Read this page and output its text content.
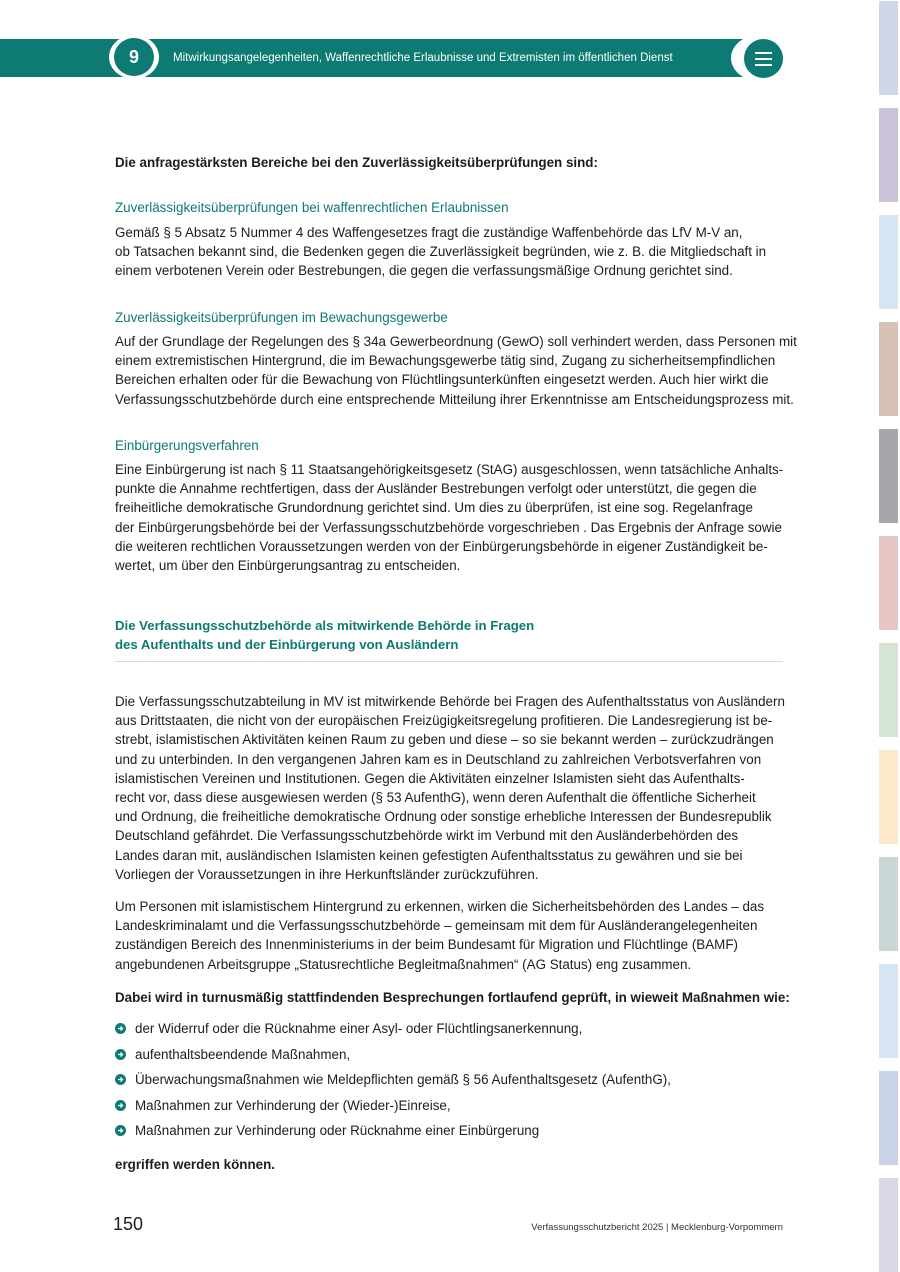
9	Mitwirkungsangelegenheiten, Waffenrechtliche Erlaubnisse und Extremisten im öffentlichen Dienst
Die anfragestärksten Bereiche bei den Zuverlässigkeitsüberprüfungen sind:
Zuverlässigkeitsüberprüfungen bei waffenrechtlichen Erlaubnissen

Gemäß § 5 Absatz 5 Nummer 4 des Waffengesetzes fragt die zuständige Waffenbehörde das LfV M-V an,
ob Tatsachen bekannt sind, die Bedenken gegen die Zuverlässigkeit begründen, wie z. B. die Mitgliedschaft in
einem verbotenen Verein oder Bestrebungen, die gegen die verfassungsmäßige Ordnung gerichtet sind.

Zuverlässigkeitsüberprüfungen im Bewachungsgewerbe

Auf der Grundlage der Regelungen des § 34a Gewerbeordnung (GewO) soll verhindert werden, dass Personen mit
einem extremistischen Hintergrund, die im Bewachungsgewerbe tätig sind, Zugang zu sicherheitsempfindlichen
Bereichen erhalten oder für die Bewachung von Flüchtlingsunterkünften eingesetzt werden. Auch hier wirkt die
Verfassungsschutzbehörde durch eine entsprechende Mitteilung ihrer Erkenntnisse am Entscheidungsprozess mit.

Einbürgerungsverfahren

Eine Einbürgerung ist nach § 11 Staatsangehörigkeitsgesetz (StAG) ausgeschlossen, wenn tatsächliche Anhalts-
punkte die Annahme rechtfertigen, dass der Ausländer Bestrebungen verfolgt oder unterstützt, die gegen die
freiheitliche demokratische Grundordnung gerichtet sind. Um dies zu überprüfen, ist eine sog. Regelanfrage
der Einbürgerungsbehörde bei der Verfassungsschutzbehörde vorgeschrieben . Das Ergebnis der Anfrage sowie
die weiteren rechtlichen Voraussetzungen werden von der Einbürgerungsbehörde in eigener Zuständigkeit be-
wertet, um über den Einbürgerungsantrag zu entscheiden.

Die Verfassungsschutzbehörde als mitwirkende Behörde in Fragen
des Aufenthalts und der Einbürgerung von Ausländern

Die Verfassungsschutzabteilung in MV ist mitwirkende Behörde bei Fragen des Aufenthaltsstatus von Ausländern
aus Drittstaaten, die nicht von der europäischen Freizügigkeitsregelung profitieren. Die Landesregierung ist be-
strebt, islamistischen Aktivitäten keinen Raum zu geben und diese – so sie bekannt werden – zurückzudrängen
und zu unterbinden. In den vergangenen Jahren kam es in Deutschland zu zahlreichen Verbotsverfahren von
islamistischen Vereinen und Institutionen. Gegen die Aktivitäten einzelner Islamisten sieht das Aufenthalts-
recht vor, dass diese ausgewiesen werden (§ 53 AufenthG), wenn deren Aufenthalt die öffentliche Sicherheit
und Ordnung, die freiheitliche demokratische Ordnung oder sonstige erhebliche Interessen der Bundesrepublik
Deutschland gefährdet. Die Verfassungsschutzbehörde wirkt im Verbund mit den Ausländerbehörden des
Landes daran mit, ausländischen Islamisten keinen gefestigten Aufenthaltsstatus zu gewähren und sie bei
Vorliegen der Voraussetzungen in ihre Herkunftsländer zurückzuführen.

Um Personen mit islamistischem Hintergrund zu erkennen, wirken die Sicherheitsbehörden des Landes – das
Landeskriminalamt und die Verfassungsschutzbehörde – gemeinsam mit dem für Ausländerangelegenheiten
zuständigen Bereich des Innenministeriums in der beim Bundesamt für Migration und Flüchtlinge (BAMF)
angebundenen Arbeitsgruppe „Statusrechtliche Begleitmaßnahmen“ (AG Status) eng zusammen.

Dabei wird in turnusmäßig stattfindenden Besprechungen fortlaufend geprüft, in wieweit Maßnahmen wie:
der Widerruf oder die Rücknahme einer Asyl- oder Flüchtlingsanerkennung,
aufenthaltsbeendende Maßnahmen,
Überwachungsmaßnahmen wie Meldepflichten gemäß § 56 Aufenthaltsgesetz (AufenthG),
Maßnahmen zur Verhinderung der (Wieder-)Einreise,
Maßnahmen zur Verhinderung oder Rücknahme einer Einbürgerung
ergriffen werden können.
150	Verfassungsschutzbericht 2025 | Mecklenburg-Vorpommern
